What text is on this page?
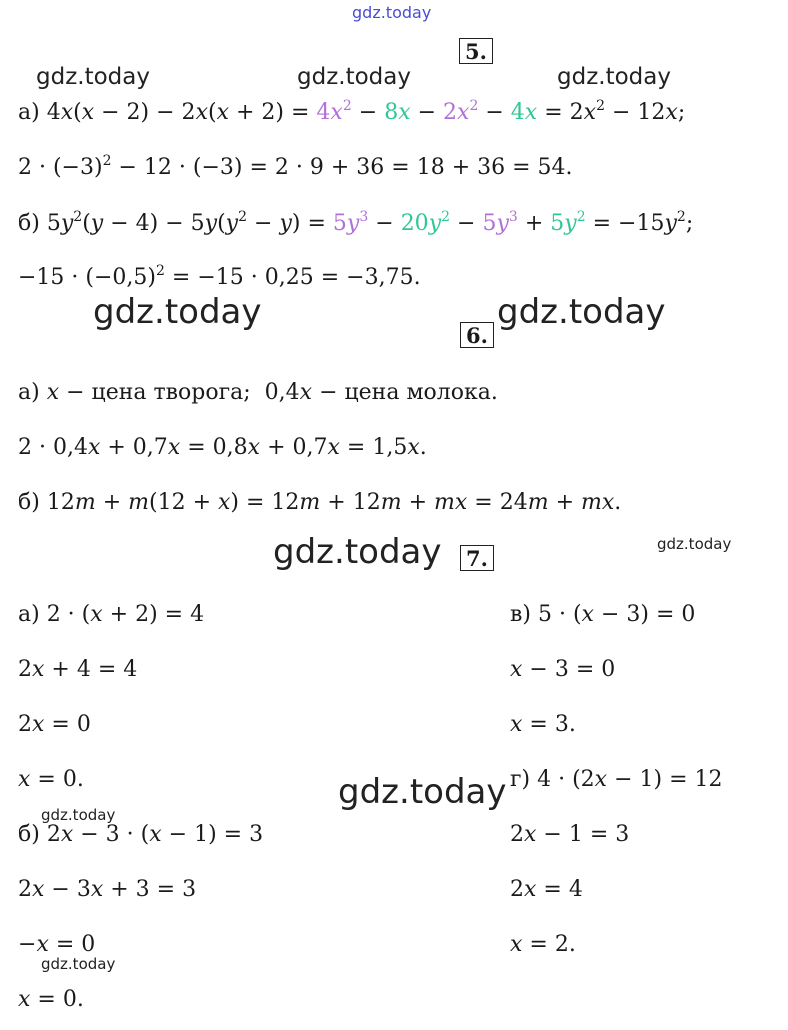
gdz.today
gdz.today	gdz.today	gdz.today
gdz.today	gdz.today
gdz.today	gdz.today
gdz.today
gdz.today
gdz.today
5.
а) $4x(x - 2) - 2x(x + 2) = 4x^2 - 8x - 2x^2 - 4x = 2x^2 - 12x$;
$2 \cdot (-3)^2 - 12 \cdot (-3) = 2 \cdot 9 + 36 = 18 + 36 = 54$.
б) $5y^2(y - 4) - 5y(y^2 - y) = 5y^3 - 20y^2 - 5y^3 + 5y^2 = -15y^2$;
$-15 \cdot (-0,5)^2 = -15 \cdot 0,25 = -3,75$.
6.
а) x − цена творога;  0,4x − цена молока.
2 · 0,4x + 0,7x = 0,8x + 0,7x = 1,5x.
б) 12m + m(12 + x) = 12m + 12m + mx = 24m + mx.
7.
а) 2 · (x + 2) = 4
2x + 4 = 4
2x = 0
x = 0.
б) 2x − 3 · (x − 1) = 3
2x − 3x + 3 = 3
−x = 0
x = 0.
в) 5 · (x − 3) = 0
x − 3 = 0
x = 3.
г) 4 · (2x − 1) = 12
2x − 1 = 3
2x = 4
x = 2.
